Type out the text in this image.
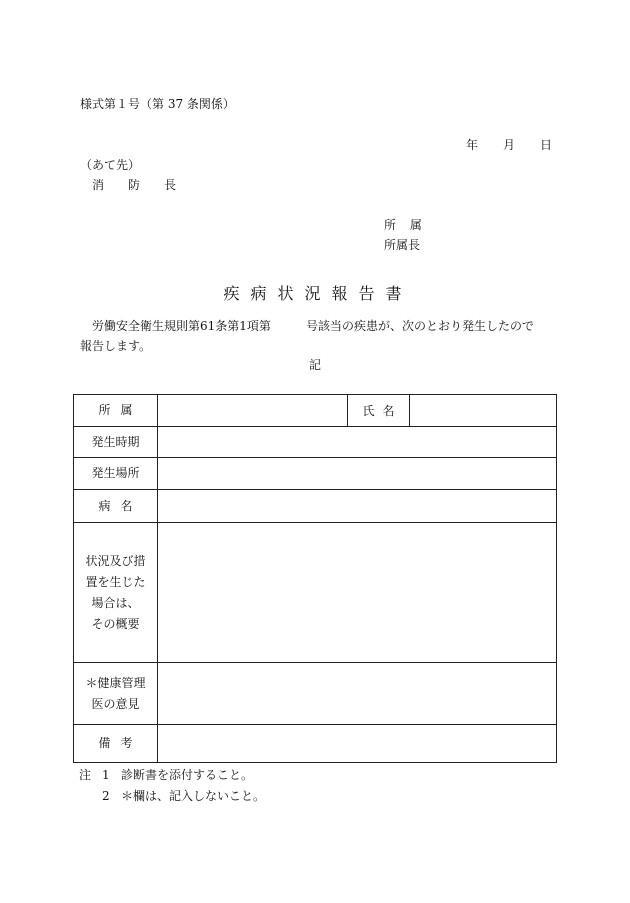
様式第１号（第 37 条関係）
年 月 日
（あて先）
消　防　長
所 属
所属長
疾病状況報告書
労働安全衛生規則第61条第1項第	号該当の疾患が、次のとおり発生したので
報告します。
記
所属	氏名
発生時期
発生場所
病名
状況及び措
置を生じた
場合は、
その概要
＊健康管理
医の意見
備考
注 1 診断書を添付すること。
2 ＊欄は、記入しないこと。
